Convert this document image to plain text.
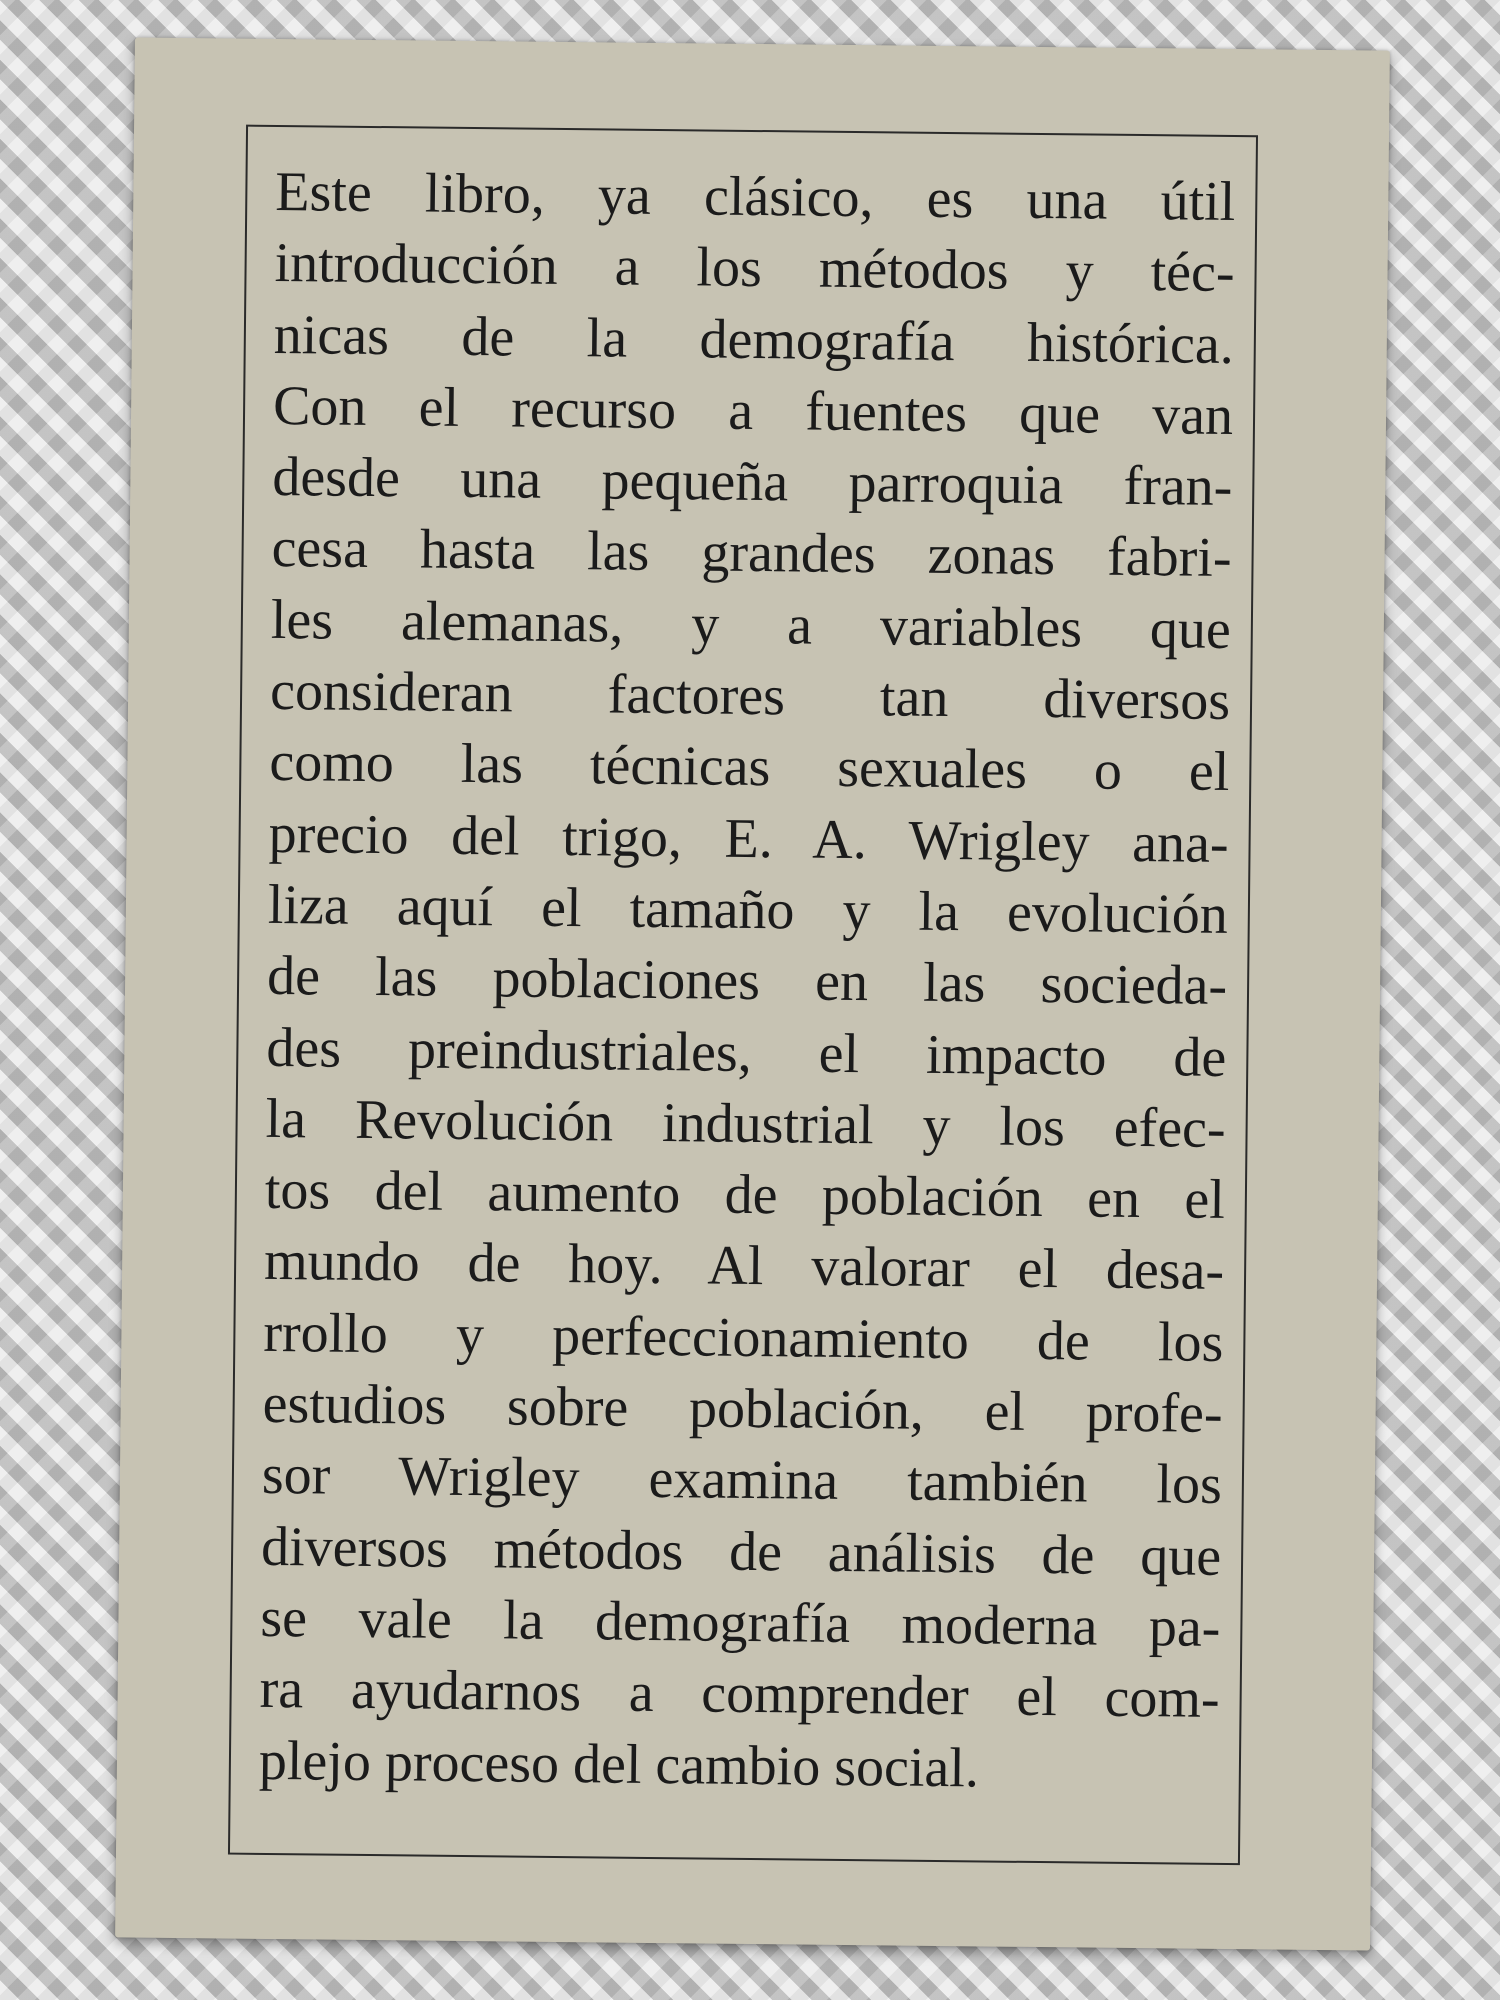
Este libro, ya clásico, es una útil
introducción a los métodos y téc-
nicas de la demografía histórica.
Con el recurso a fuentes que van
desde una pequeña parroquia fran-
cesa hasta las grandes zonas fabri-
les alemanas, y a variables que
consideran factores tan diversos
como las técnicas sexuales o el
precio del trigo, E. A. Wrigley ana-
liza aquí el tamaño y la evolución
de las poblaciones en las socieda-
des preindustriales, el impacto de
la Revolución industrial y los efec-
tos del aumento de población en el
mundo de hoy. Al valorar el desa-
rrollo y perfeccionamiento de los
estudios sobre población, el profe-
sor Wrigley examina también los
diversos métodos de análisis de que
se vale la demografía moderna pa-
ra ayudarnos a comprender el com-
plejo proceso del cambio social.
